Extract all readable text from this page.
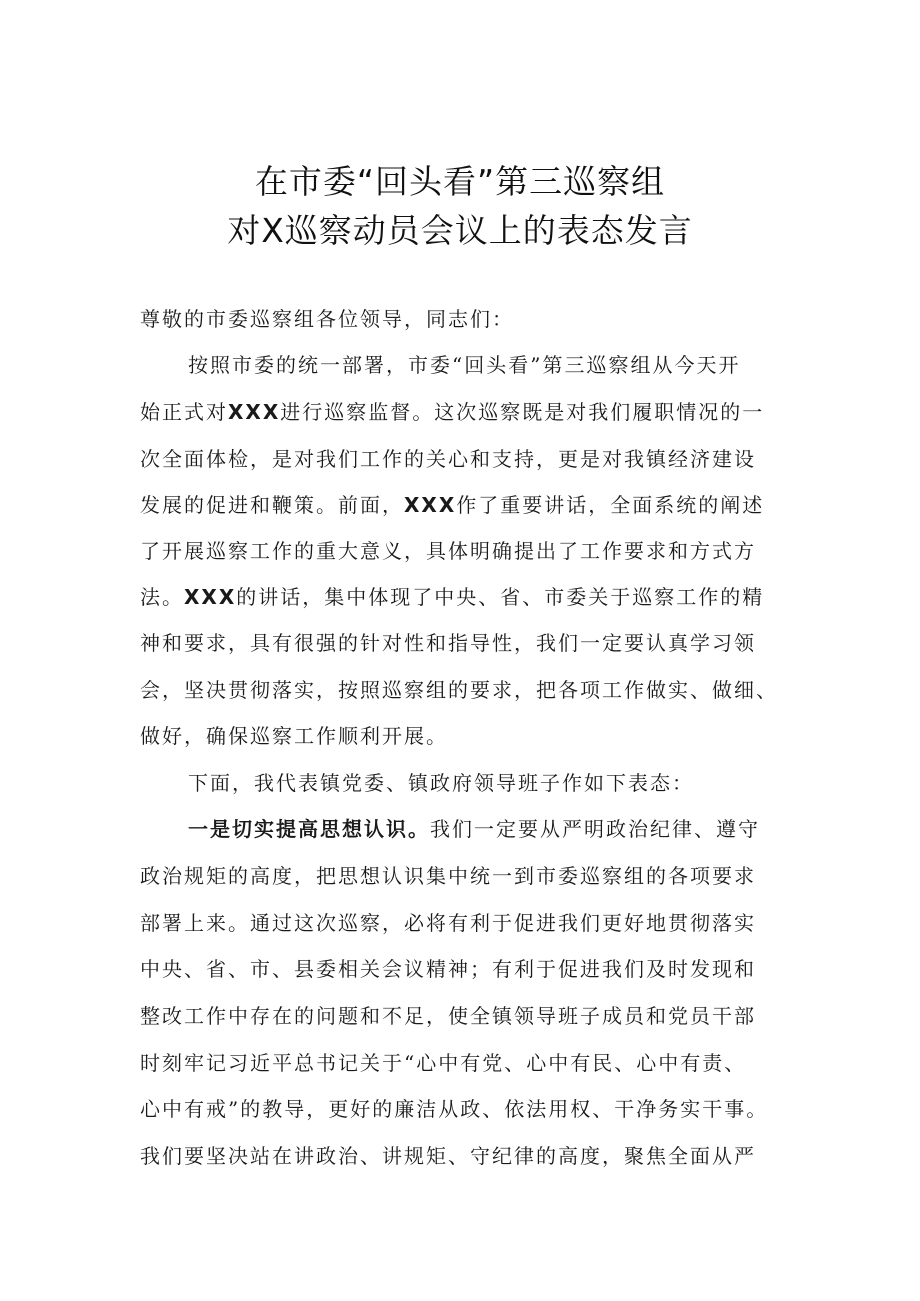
在市委“回头看”第三巡察组
对X巡察动员会议上的表态发言
尊敬的市委巡察组各位领导，同志们：
按照市委的统一部署，市委“回头看”第三巡察组从今天开
始正式对XXX进行巡察监督。这次巡察既是对我们履职情况的一
次全面体检，是对我们工作的关心和支持，更是对我镇经济建设
发展的促进和鞭策。前面，XXX作了重要讲话，全面系统的阐述
了开展巡察工作的重大意义，具体明确提出了工作要求和方式方
法。XXX的讲话，集中体现了中央、省、市委关于巡察工作的精
神和要求，具有很强的针对性和指导性，我们一定要认真学习领
会，坚决贯彻落实，按照巡察组的要求，把各项工作做实、做细、
做好，确保巡察工作顺利开展。
下面，我代表镇党委、镇政府领导班子作如下表态：
一是切实提高思想认识。我们一定要从严明政治纪律、遵守
政治规矩的高度，把思想认识集中统一到市委巡察组的各项要求
部署上来。通过这次巡察，必将有利于促进我们更好地贯彻落实
中央、省、市、县委相关会议精神；有利于促进我们及时发现和
整改工作中存在的问题和不足，使全镇领导班子成员和党员干部
时刻牢记习近平总书记关于“心中有党、心中有民、心中有责、
心中有戒”的教导，更好的廉洁从政、依法用权、干净务实干事。
我们要坚决站在讲政治、讲规矩、守纪律的高度，聚焦全面从严
